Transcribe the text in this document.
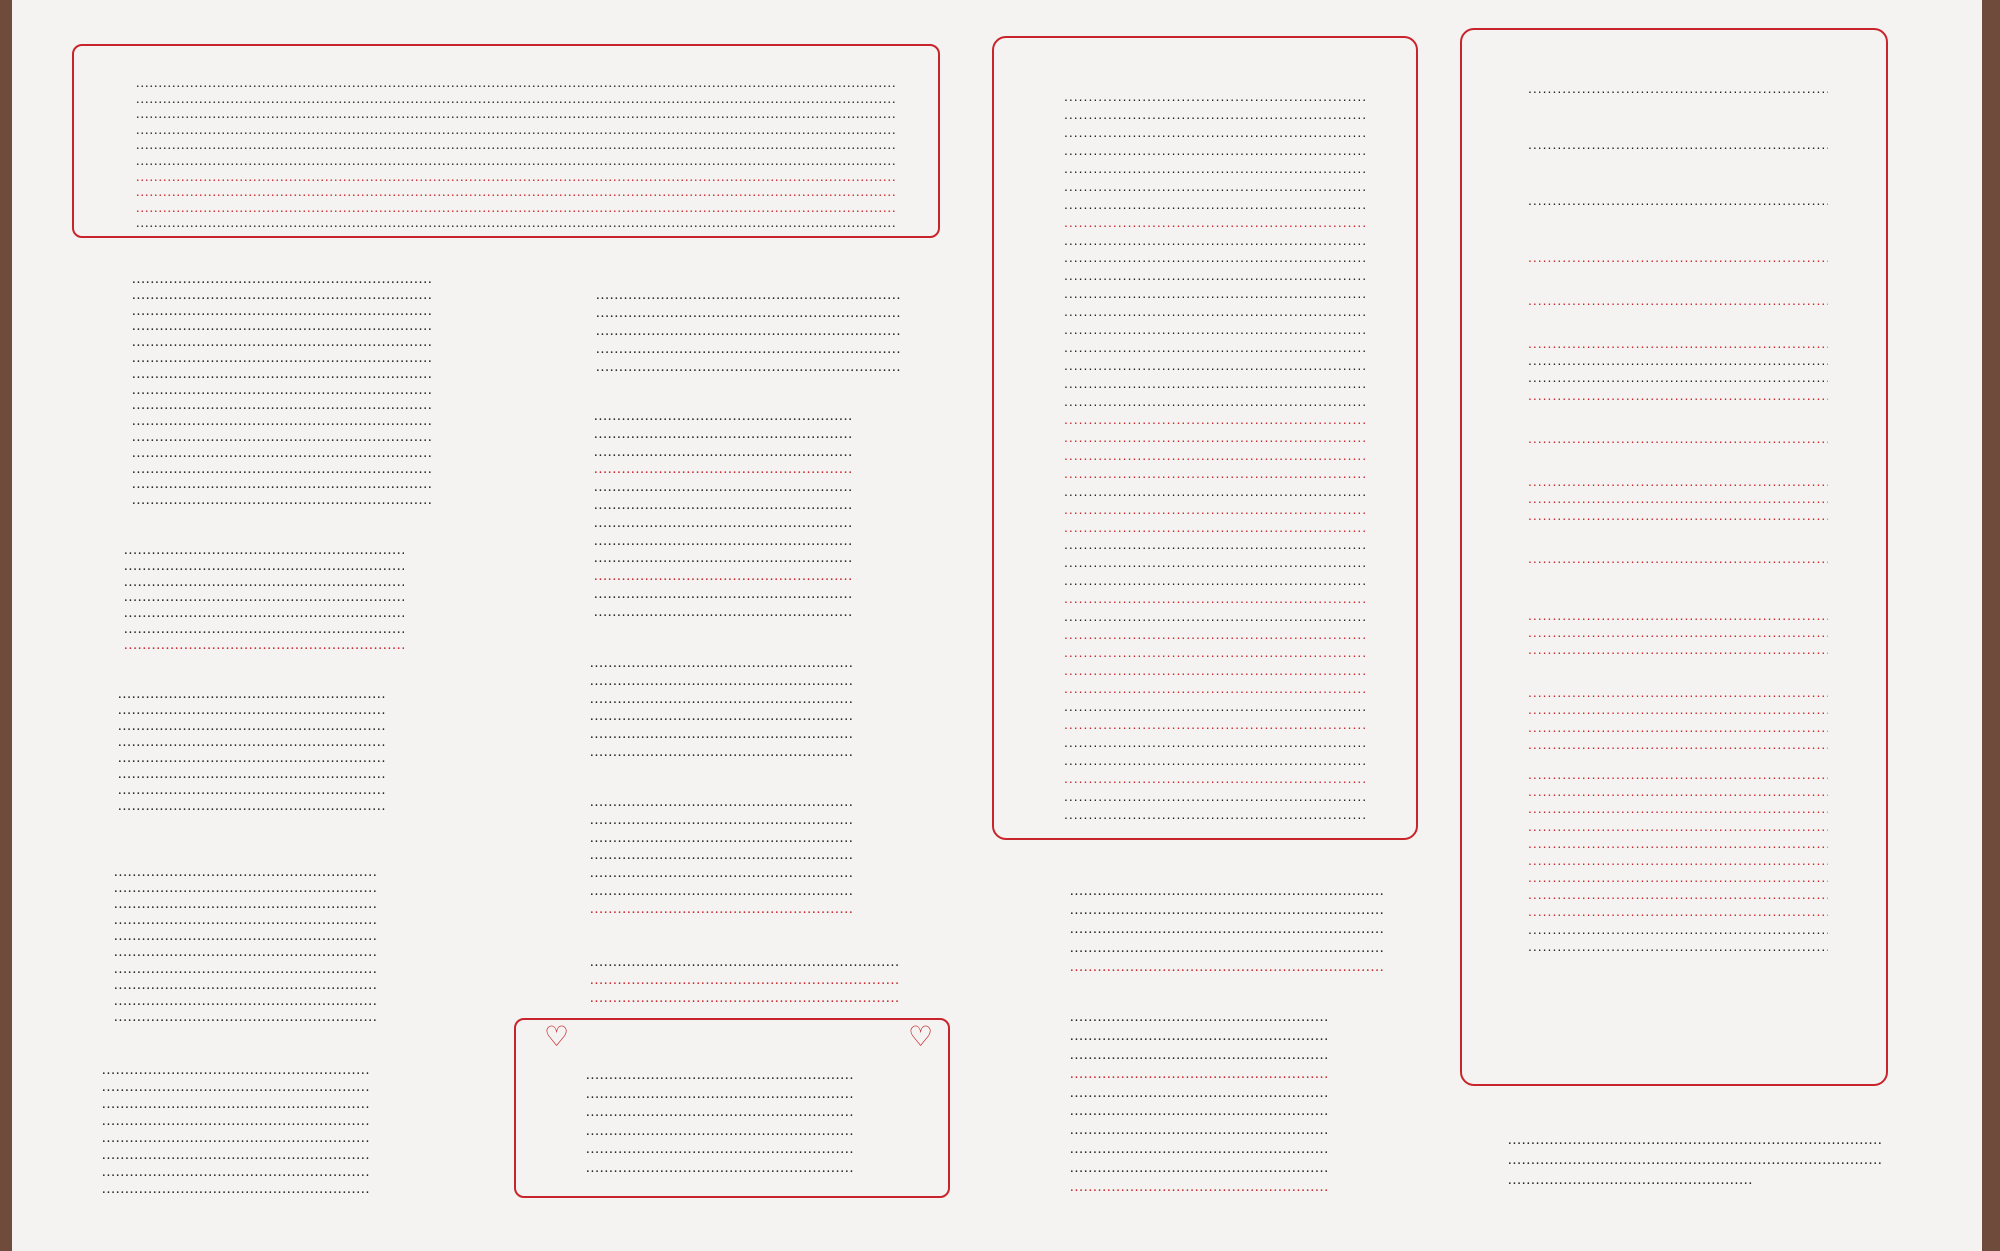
.....
.....
.....
.....
.....
.....
.....
.....
.....
.....
.....
.....
.....
.....
.....
.....
.....
.....
.....
.....
.....
.....
.....
.....
.....
.....
.....
.....
.....
.....
.....
.....
.....
.....
.....
.....
.....
.....
.....
.....
.....
.....
.....
.....
.....
.....
.....
.....
.....
.....
.....
.....
.....
.....
.....
.....
.....
.....
.....
.....
.....
.....
.....
.....
.....
.....
.....
.....
.....
.....
.....
.....
.....
.....
.....
.....
.....
.....
.....
.....
.....
.....
.....
.....
.....
.....
.....
.....
.....
.....
.....
.....
.....
.....
.....
.....
.....
♡	♡
.....
.....
.....
.....
.....
.....
.....
.....
.....
.....
.....
.....
.....
.....
.....
.....
.....
.....
.....
.....
.....
.....
.....
.....
.....
.....
.....
.....
.....
.....
.....
.....
.....
.....
.....
.....
.....
.....
.....
.....
.....
.....
.....
.....
.....
.....
.....
.....
.....
.....
.....
.....
.....
.....
.....
.....
.....
.....
.....
.....
.....
.....
.....
.....
.....
.....
.....
.....
.....
.....
.....
.....
.....
.....
.....
.....
.....
.....
.....
.....
.....
.....
.....
.....
.....
.....
.....
.....
.....
.....
.....
